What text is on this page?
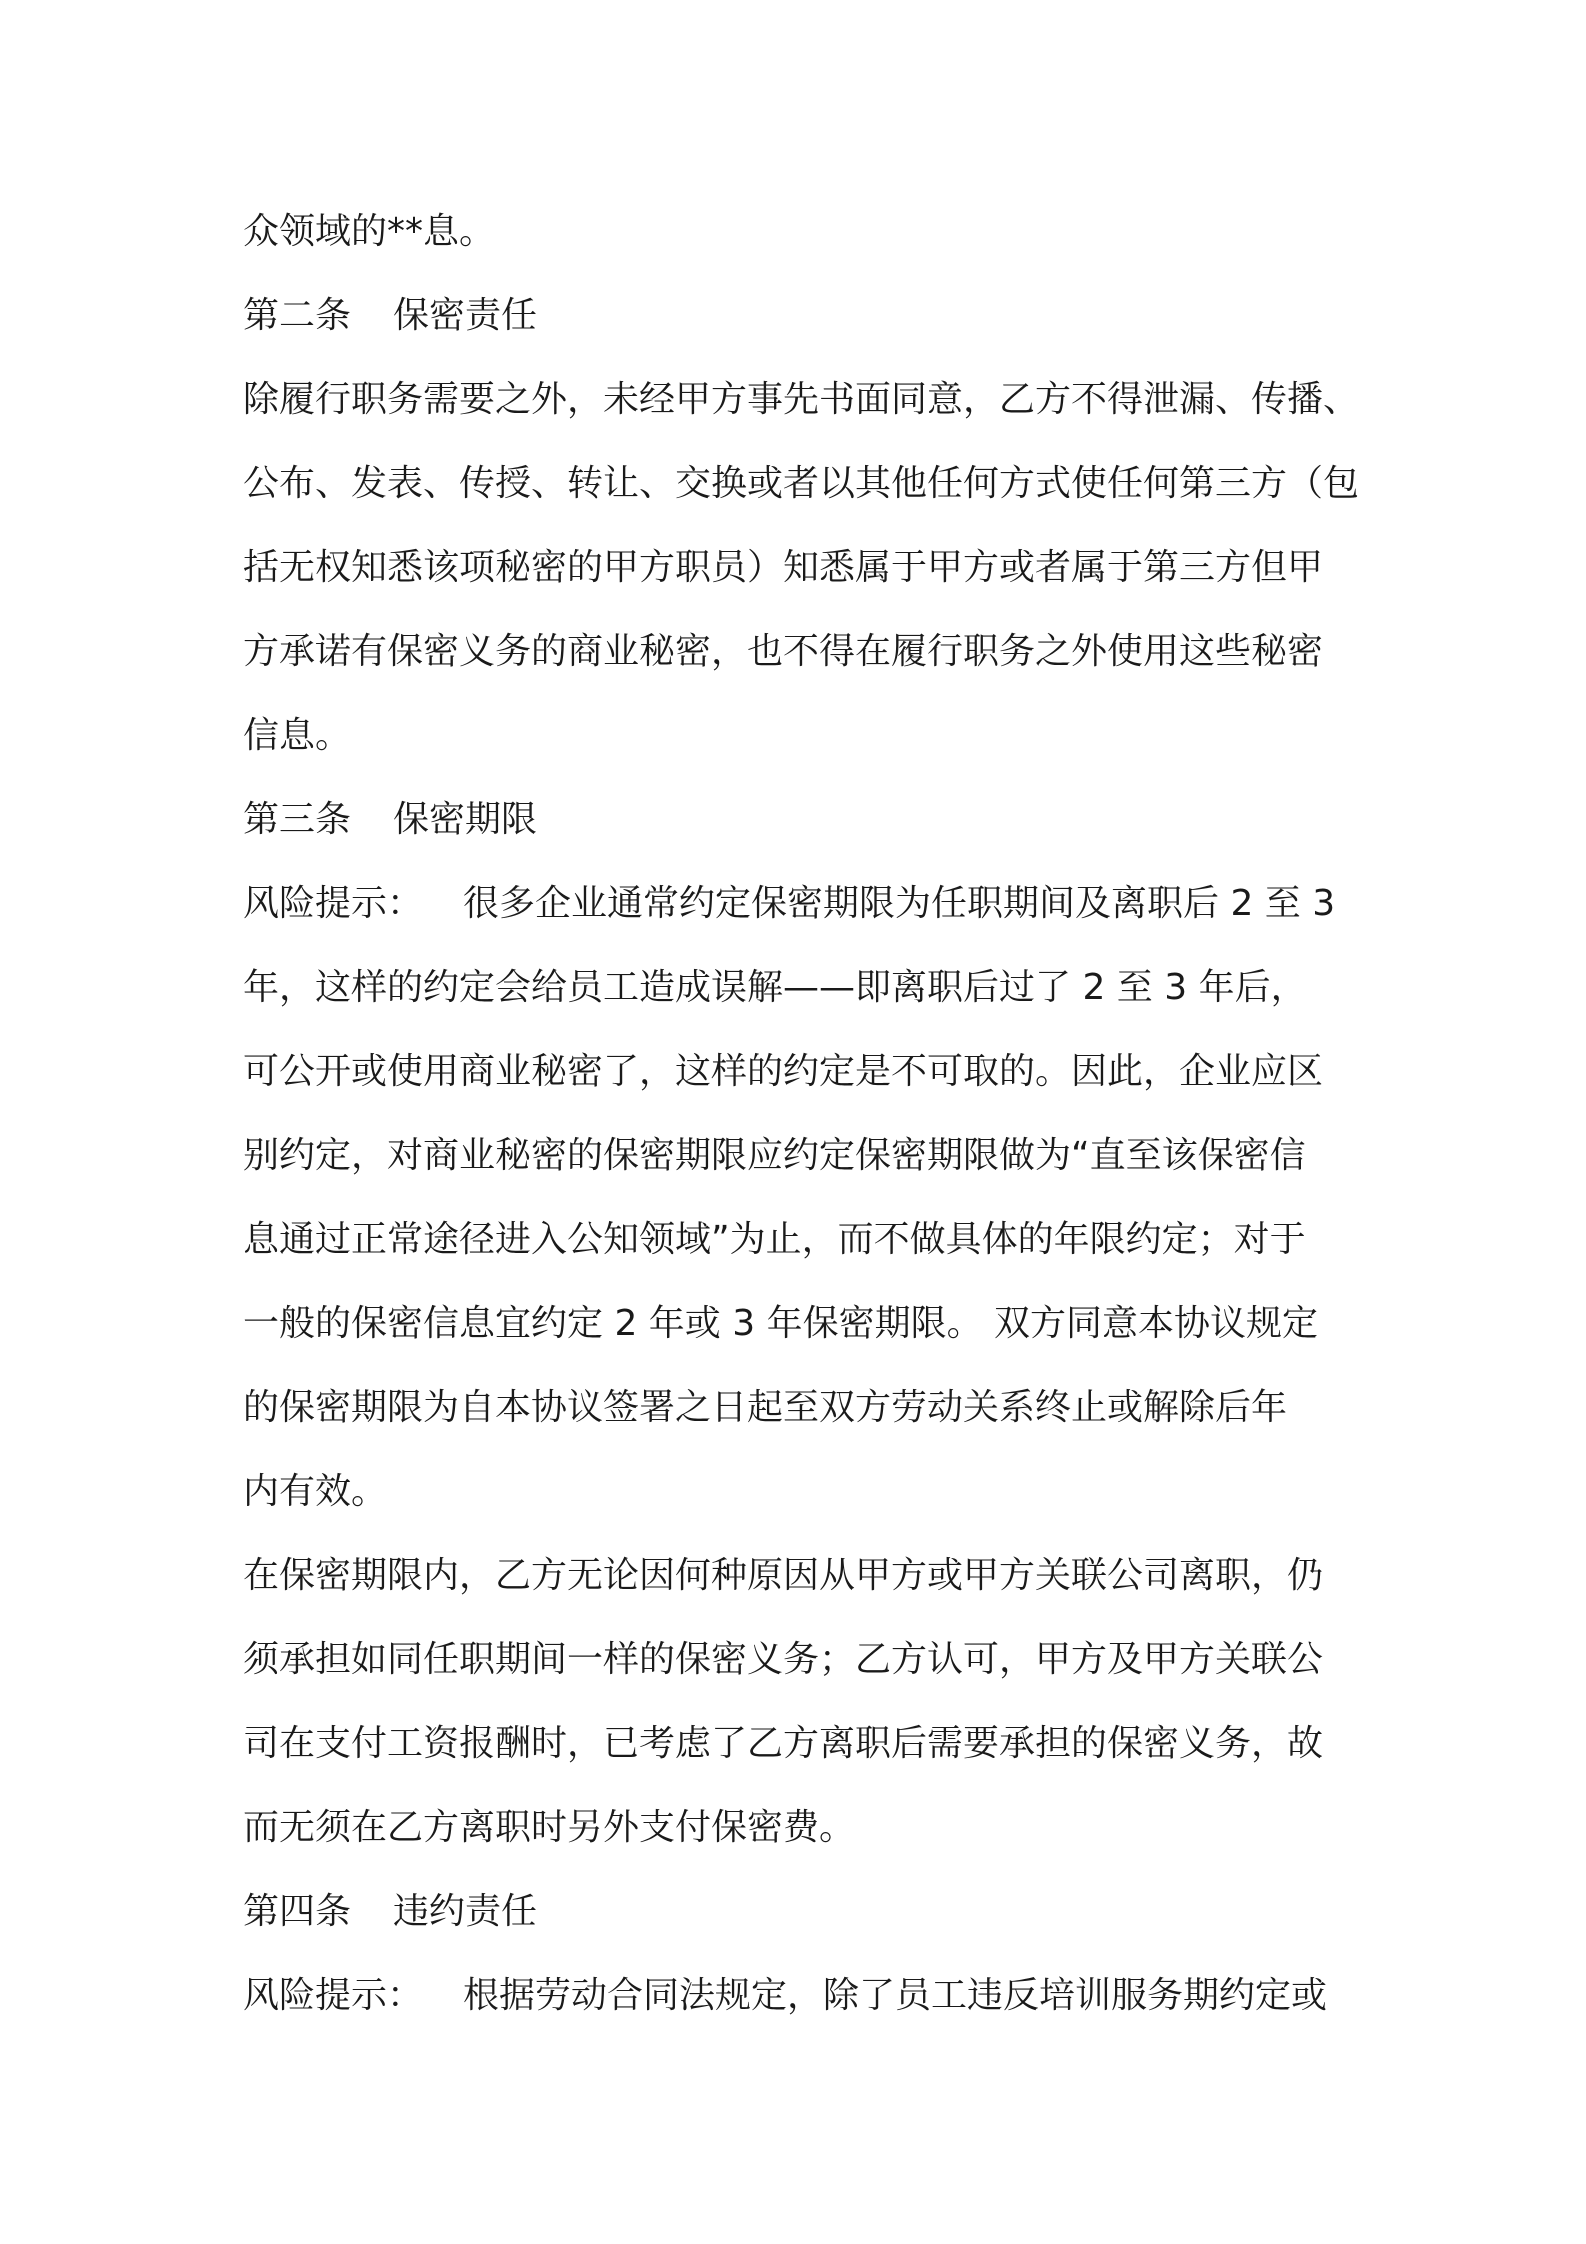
众领域的**息。
第二条 保密责任
除履行职务需要之外，未经甲方事先书面同意，乙方不得泄漏、传播、
公布、发表、传授、转让、交换或者以其他任何方式使任何第三方（包
括无权知悉该项秘密的甲方职员）知悉属于甲方或者属于第三方但甲
方承诺有保密义务的商业秘密，也不得在履行职务之外使用这些秘密
信息。
第三条 保密期限
风险提示： 很多企业通常约定保密期限为任职期间及离职后 2 至 3
年，这样的约定会给员工造成误解——即离职后过了 2 至 3 年后，
可公开或使用商业秘密了，这样的约定是不可取的。因此，企业应区
别约定，对商业秘密的保密期限应约定保密期限做为“直至该保密信
息通过正常途径进入公知领域”为止，而不做具体的年限约定；对于
一般的保密信息宜约定 2 年或 3 年保密期限。 双方同意本协议规定
的保密期限为自本协议签署之日起至双方劳动关系终止或解除后年
内有效。
在保密期限内，乙方无论因何种原因从甲方或甲方关联公司离职，仍
须承担如同任职期间一样的保密义务；乙方认可，甲方及甲方关联公
司在支付工资报酬时，已考虑了乙方离职后需要承担的保密义务，故
而无须在乙方离职时另外支付保密费。
第四条 违约责任
风险提示： 根据劳动合同法规定，除了员工违反培训服务期约定或
